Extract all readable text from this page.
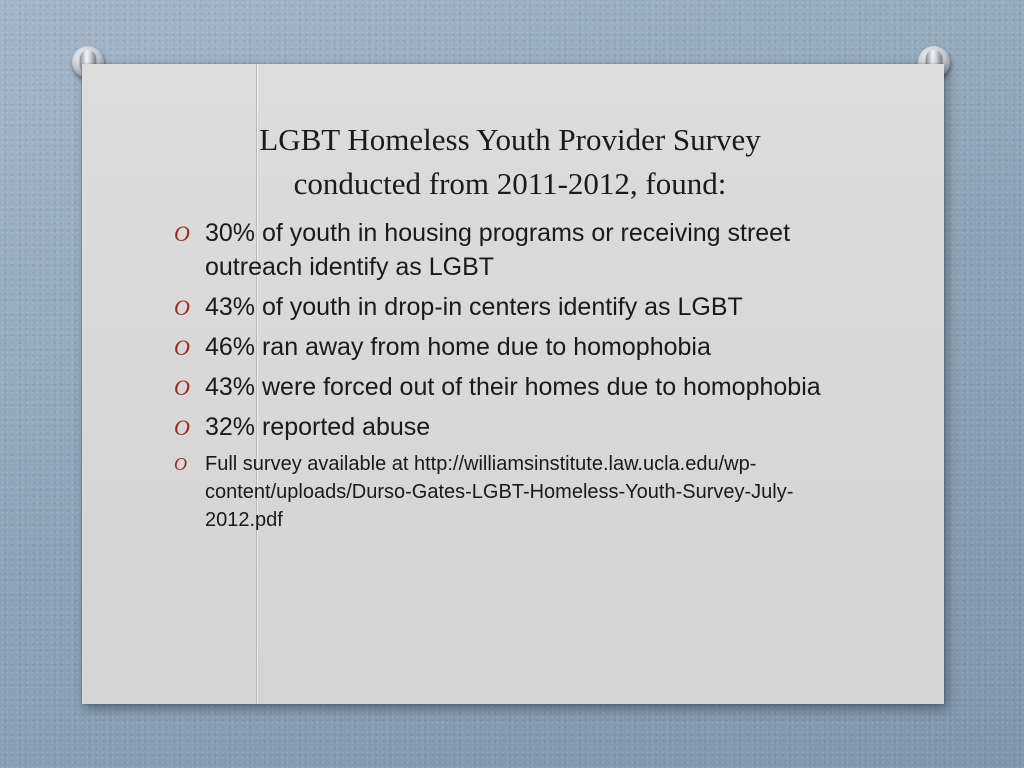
LGBT Homeless Youth Provider Survey
conducted from 2011-2012, found:
O 30% of youth in housing programs or receiving street outreach identify as LGBT
O 43% of youth in drop-in centers identify as LGBT
O 46% ran away from home due to homophobia
O 43% were forced out of their homes due to homophobia
O 32% reported abuse
O Full survey available at http://williamsinstitute.law.ucla.edu/wp-content/uploads/Durso-Gates-LGBT-Homeless-Youth-Survey-July-2012.pdf
